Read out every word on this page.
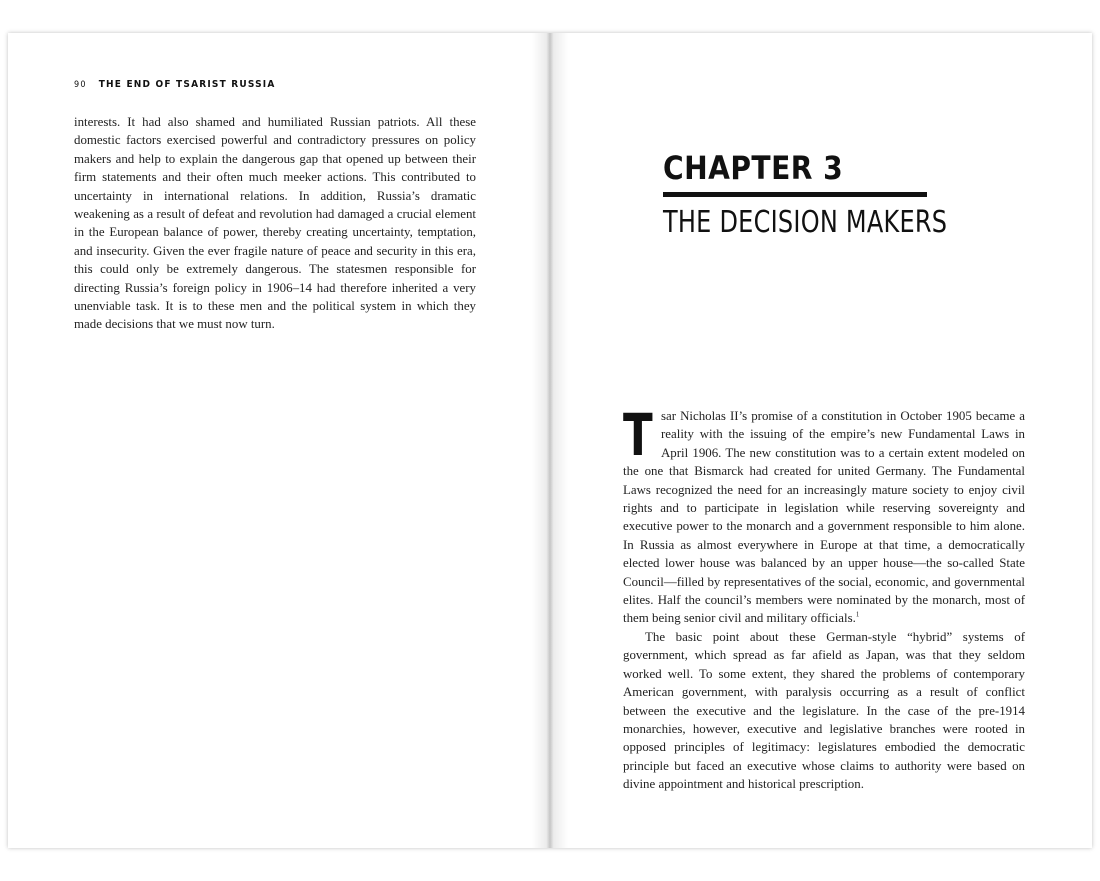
90 THE END OF TSARIST RUSSIA

interests. It had also shamed and humiliated Russian patriots. All these domestic factors exercised powerful and contradictory pressures on policy makers and help to explain the dangerous gap that opened up between their firm statements and their often much meeker actions. This contributed to uncertainty in international relations. In addition, Russia’s dramatic weakening as a result of defeat and revolution had damaged a crucial element in the European balance of power, thereby creating uncertainty, temptation, and insecurity. Given the ever fragile nature of peace and security in this era, this could only be extremely dangerous. The statesmen responsible for directing Russia’s foreign policy in 1906–14 had therefore inherited a very unenviable task. It is to these men and the political system in which they made decisions that we must now turn.

CHAPTER 3
THE DECISION MAKERS

Tsar Nicholas II’s promise of a constitution in October 1905 became a reality with the issuing of the empire’s new Fundamental Laws in April 1906. The new constitution was to a certain extent modeled on the one that Bismarck had created for united Germany. The Fundamental Laws recognized the need for an increasingly mature society to enjoy civil rights and to participate in legislation while reserving sovereignty and executive power to the monarch and a government responsible to him alone. In Russia as almost everywhere in Europe at that time, a democratically elected lower house was balanced by an upper house—the so-called State Council—filled by representatives of the social, economic, and governmental elites. Half the council’s members were nominated by the monarch, most of them being senior civil and military officials.$^1$

The basic point about these German-style “hybrid” systems of government, which spread as far afield as Japan, was that they seldom worked well. To some extent, they shared the problems of contemporary American government, with paralysis occurring as a result of conflict between the executive and the legislature. In the case of the pre-1914 monarchies, however, executive and legislative branches were rooted in opposed principles of legitimacy: legislatures embodied the democratic principle but faced an executive whose claims to authority were based on divine appointment and historical prescription.
